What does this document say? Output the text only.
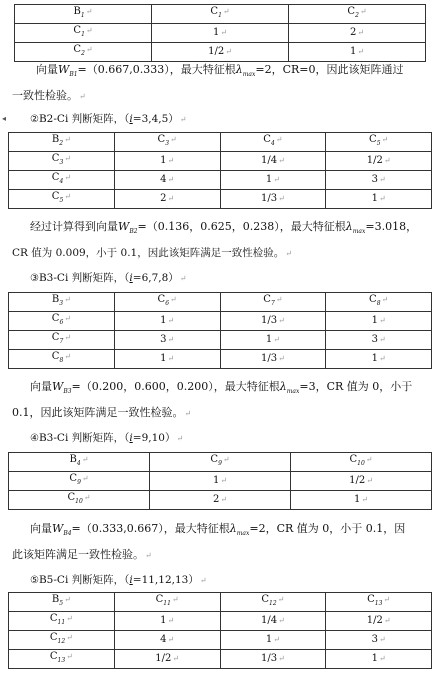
◂
$B_1↵$	$C_1↵$	$C_2↵$
$C_1↵$	1↵	2↵
$C_2↵$	1/2↵	1↵
向量$W_{B1}=(0.667,0.333)$，最大特征根$\lambda_{max}=2$，CR=0，因此该矩阵通过
一致性检验。↵
②B2-Ci 判断矩阵，（i=3,4,5）↵
$B_2↵$	$C_3↵$	$C_4↵$	$C_5↵$
$C_3↵$	1↵	1/4↵	1/2↵
$C_4↵$	4↵	1↵	3↵
$C_5↵$	2↵	1/3↵	1↵
经过计算得到向量$W_{B2}=(0.136$，0.625，0.238），最大特征根$\lambda_{max}=3.018$，
CR 值为 0.009，小于 0.1，因此该矩阵满足一致性检验。↵
③B3-Ci 判断矩阵，（i=6,7,8）↵
$B_3↵$	$C_6↵$	$C_7↵$	$C_8↵$
$C_6↵$	1↵	1/3↵	1↵
$C_7↵$	3↵	1↵	3↵
$C_8↵$	1↵	1/3↵	1↵
向量$W_{B3}=(0.200$，0.600，0.200），最大特征根$\lambda_{max}=3$，CR 值为 0，小于
0.1，因此该矩阵满足一致性检验。↵
④B3-Ci 判断矩阵，（i=9,10）↵
$B_4↵$	$C_9↵$	$C_{10}↵$
$C_9↵$	1↵	1/2↵
$C_{10}↵$	2↵	1↵
向量$W_{B4}=(0.333,0.667)$，最大特征根$\lambda_{max}=2$，CR 值为 0，小于 0.1，因
此该矩阵满足一致性检验。↵
⑤B5-Ci 判断矩阵，（i=11,12,13）↵
$B_5↵$	$C_{11}↵$	$C_{12}↵$	$C_{13}↵$
$C_{11}↵$	1↵	1/4↵	1/2↵
$C_{12}↵$	4↵	1↵	3↵
$C_{13}↵$	1/2↵	1/3↵	1↵
